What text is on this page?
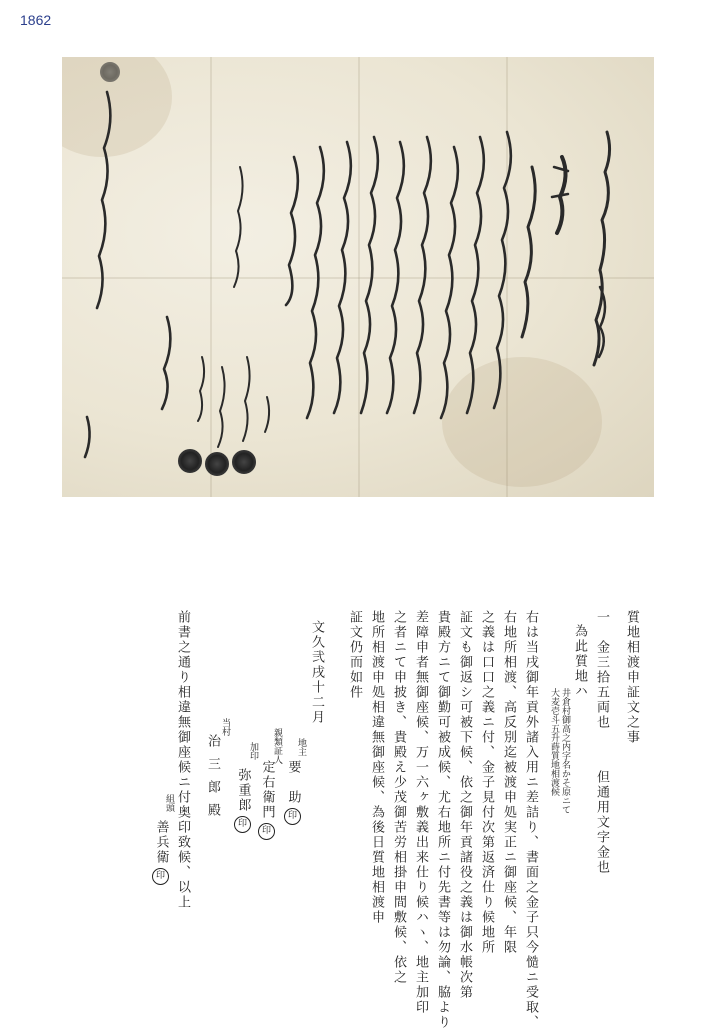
1862
質地相渡申証文之事
一　金三拾五両也但通用文字金也
為此質地ハ
井倉村御高之内字名かそ原ニて
大麦壱斗五升蒔質地相渡候
右は当戌御年貢外諸入用ニ差詰り、書面之金子只今慥ニ受取、
右地所相渡、高反別迄被渡申処実正ニ御座候、年限
之義は口口之義ニ付、金子見付次第返済仕り候地所
証文も御返シ可被下候、依之御年貢諸役之義は御水帳次第
貴殿方ニて御勤可被成候、尤右地所ニ付先書等は勿論、脇より
差障申者無御座候、万一六ヶ敷義出来仕り候ハヽ、地主加印
之者ニて申披き、貴殿え少茂御苦労相掛申間敷候、依之
地所相渡申処相違無御座候、為後日質地相渡申
証文仍而如件
文久弐戌十二月
地主
要　助印
親類証人
定右衛門印
加印
弥重郎印
当村
治三郎殿
前書之通り相違無御座候ニ付奥印致候、以上
組頭
善兵衛印
